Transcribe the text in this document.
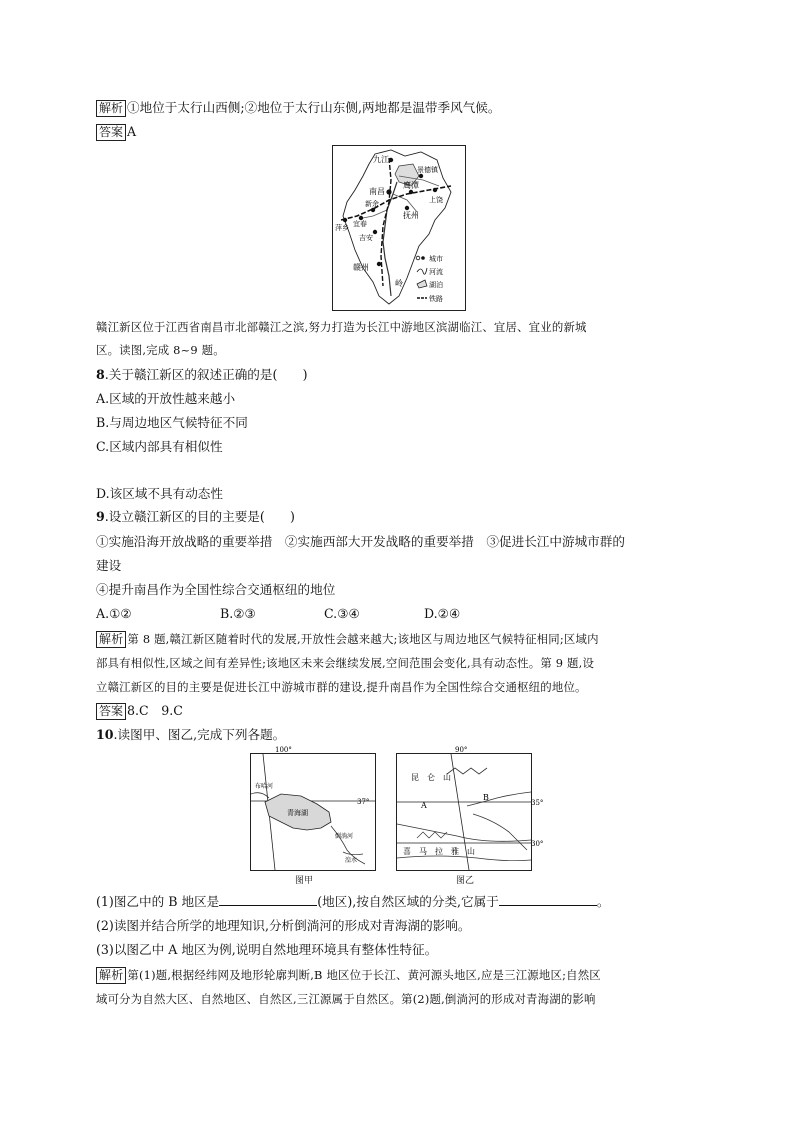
解析 ①地位于太行山西侧;②地位于太行山东侧,两地都是温带季风气候。
答案 A
九江
景德镇
南昌
鹰潭
上饶
新余
抚州
萍乡 宜春
吉安
赣州
岭
城市
河流
湖泊
铁路
赣江新区位于江西省南昌市北部赣江之滨,努力打造为长江中游地区滨湖临江、宜居、宜业的新城
区。读图,完成 8~9 题。
8.关于赣江新区的叙述正确的是(　　)
A.区域的开放性越来越小
B.与周边地区气候特征不同
C.区域内部具有相似性
D.该区域不具有动态性
9.设立赣江新区的目的主要是(　　)
①实施沿海开放战略的重要举措　②实施西部大开发战略的重要举措　③促进长江中游城市群的
建设
④提升南昌作为全国性综合交通枢纽的地位
A.①②	B.②③	C.③④	D.②④
解析 第 8 题,赣江新区随着时代的发展,开放性会越来越大;该地区与周边地区气候特征相同;区域内
部具有相似性,区域之间有差异性;该地区未来会继续发展,空间范围会变化,具有动态性。第 9 题,设
立赣江新区的目的主要是促进长江中游城市群的建设,提升南昌作为全国性综合交通枢纽的地位。
答案 8.C　9.C
10.读图甲、图乙,完成下列各题。
100°
37°
青海湖
布哈河
倒淌河
湟水
图甲
90°
35°
30°
昆　仑　山
喜　马　拉　雅　山
A
B
图乙
(1)图乙中的 B 地区是	(地区),按自然区域的分类,它属于	。
(2)读图并结合所学的地理知识,分析倒淌河的形成对青海湖的影响。
(3)以图乙中 A 地区为例,说明自然地理环境具有整体性特征。
解析 第(1)题,根据经纬网及地形轮廓判断,B 地区位于长江、黄河源头地区,应是三江源地区;自然区
域可分为自然大区、自然地区、自然区,三江源属于自然区。第(2)题,倒淌河的形成对青海湖的影响
